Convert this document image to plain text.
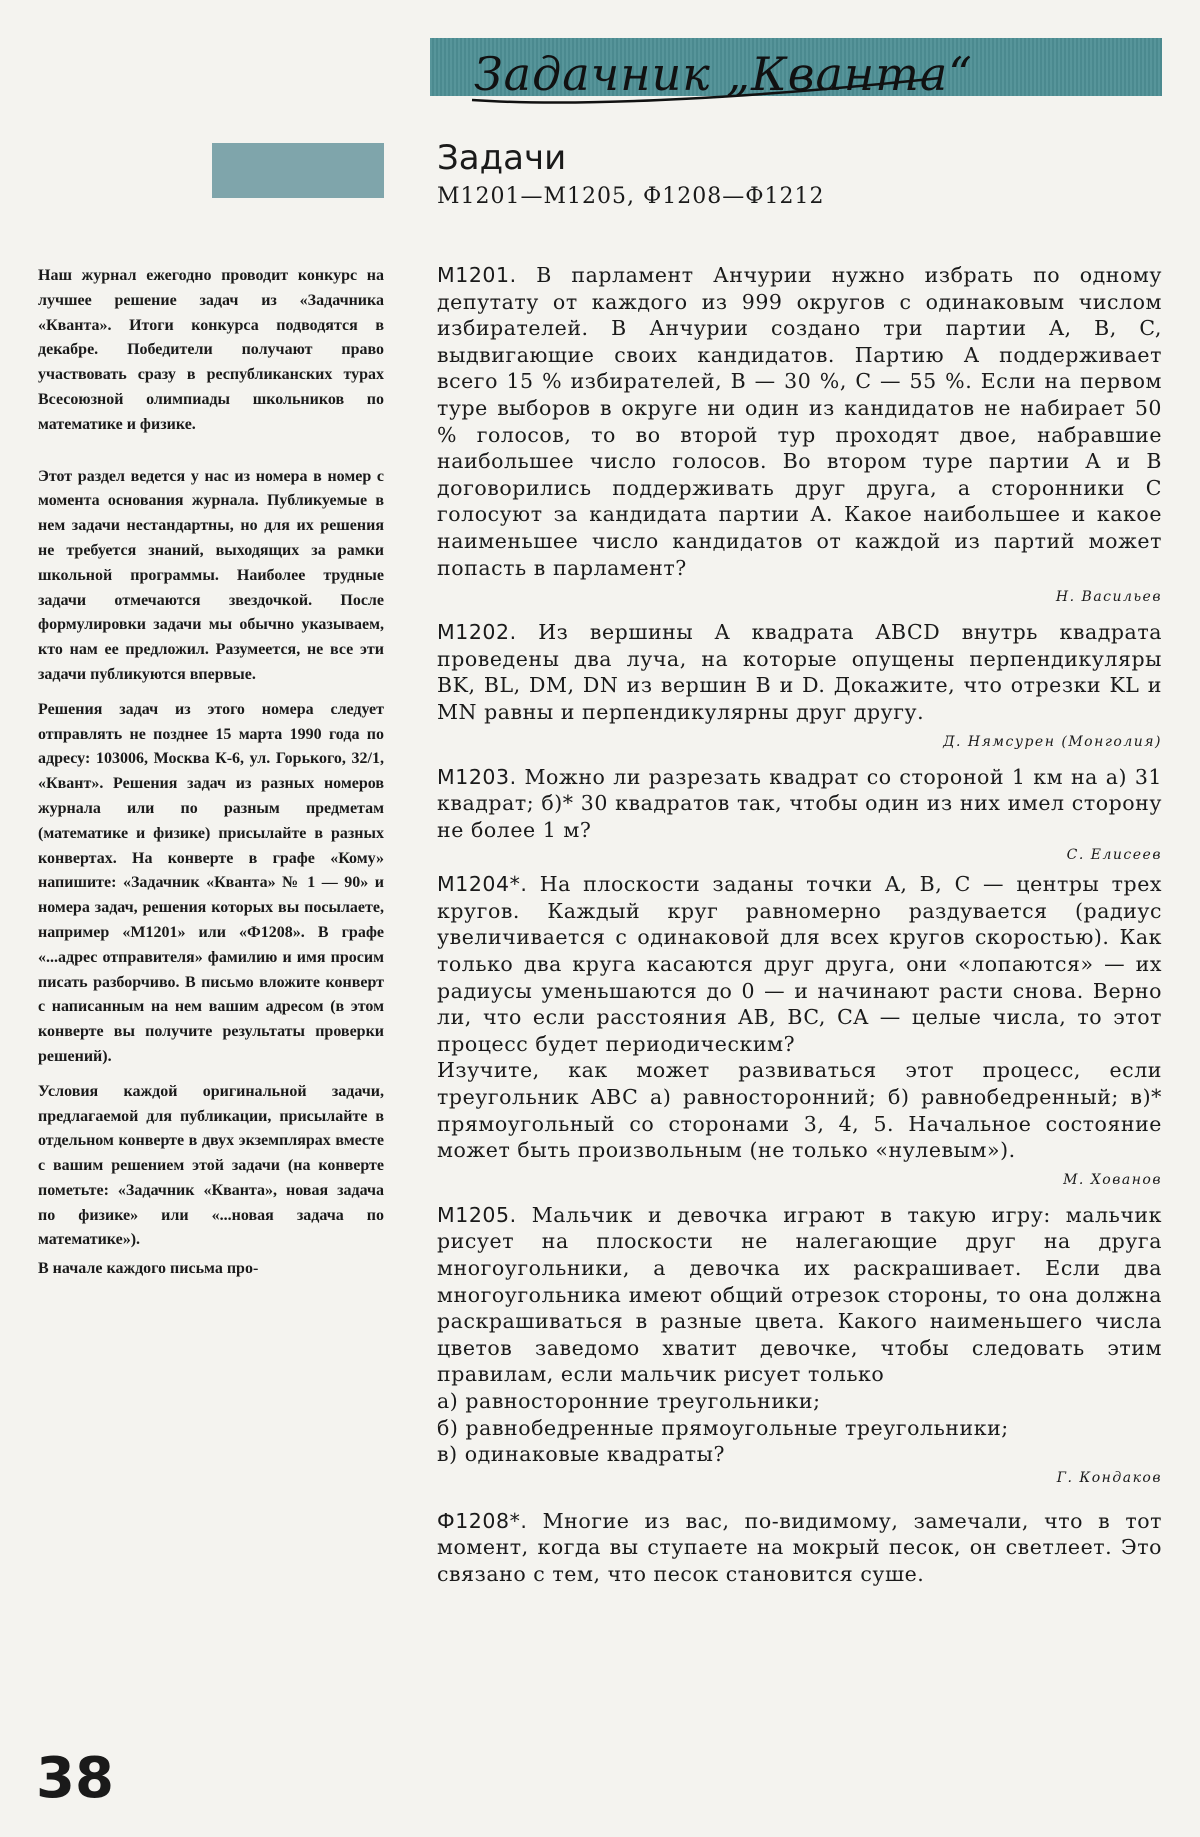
Задачник „Кванта“
Задачи
М1201—М1205, Ф1208—Ф1212

Наш журнал ежегодно проводит конкурс на лучшее решение задач из «Задачника «Кванта». Итоги конкурса подводятся в декабре. Победители получают право участвовать сразу в республиканских турах Всесоюзной олимпиады школьников по математике и физике.

Этот раздел ведется у нас из номера в номер с момента основания журнала. Публикуемые в нем задачи нестандартны, но для их решения не требуется знаний, выходящих за рамки школьной программы. Наиболее трудные задачи отмечаются звездочкой. После формулировки задачи мы обычно указываем, кто нам ее предложил. Разумеется, не все эти задачи публикуются впервые.

Решения задач из этого номера следует отправлять не позднее 15 марта 1990 года по адресу: 103006, Москва К-6, ул. Горького, 32/1, «Квант». Решения задач из разных номеров журнала или по разным предметам (математике и физике) присылайте в разных конвертах. На конверте в графе «Кому» напишите: «Задачник «Кванта» № 1 — 90» и номера задач, решения которых вы посылаете, например «М1201» или «Ф1208». В графе «...адрес отправителя» фамилию и имя просим писать разборчиво. В письмо вложите конверт с написанным на нем вашим адресом (в этом конверте вы получите результаты проверки решений).

Условия каждой оригинальной задачи, предлагаемой для публикации, присылайте в отдельном конверте в двух экземплярах вместе с вашим решением этой задачи (на конверте пометьте: «Задачник «Кванта», новая задача по физике» или «...новая задача по математике»).

В начале каждого письма про-

М1201. В парламент Анчурии нужно избрать по одному депутату от каждого из 999 округов с одинаковым числом избирателей. В Анчурии создано три партии A, B, C, выдвигающие своих кандидатов. Партию A поддерживает всего 15 % избирателей, B — 30 %, C — 55 %. Если на первом туре выборов в округе ни один из кандидатов не набирает 50 % голосов, то во второй тур проходят двое, набравшие наибольшее число голосов. Во втором туре партии A и B договорились поддерживать друг друга, а сторонники C голосуют за кандидата партии A. Какое наибольшее и какое наименьшее число кандидатов от каждой из партий может попасть в парламент?
Н. Васильев
М1202. Из вершины A квадрата ABCD внутрь квадрата проведены два луча, на которые опущены перпендикуляры BK, BL, DM, DN из вершин B и D. Докажите, что отрезки KL и MN равны и перпендикулярны друг другу.
Д. Нямсурен (Монголия)
М1203. Можно ли разрезать квадрат со стороной 1 км на а) 31 квадрат; б)* 30 квадратов так, чтобы один из них имел сторону не более 1 м?
С. Елисеев
М1204*. На плоскости заданы точки A, B, C — центры трех кругов. Каждый круг равномерно раздувается (радиус увеличивается с одинаковой для всех кругов скоростью). Как только два круга касаются друг друга, они «лопаются» — их радиусы уменьшаются до 0 — и начинают расти снова. Верно ли, что если расстояния AB, BC, CA — целые числа, то этот процесс будет периодическим?
Изучите, как может развиваться этот процесс, если треугольник ABC а) равносторонний; б) равнобедренный; в)* прямоугольный со сторонами 3, 4, 5. Начальное состояние может быть произвольным (не только «нулевым»).
М. Хованов
М1205. Мальчик и девочка играют в такую игру: мальчик рисует на плоскости не налегающие друг на друга многоугольники, а девочка их раскрашивает. Если два многоугольника имеют общий отрезок стороны, то она должна раскрашиваться в разные цвета. Какого наименьшего числа цветов заведомо хватит девочке, чтобы следовать этим правилам, если мальчик рисует только
а) равносторонние треугольники;
б) равнобедренные прямоугольные треугольники;
в) одинаковые квадраты?
Г. Кондаков
Ф1208*. Многие из вас, по-видимому, замечали, что в тот момент, когда вы ступаете на мокрый песок, он светлеет. Это связано с тем, что песок становится суше.
38
